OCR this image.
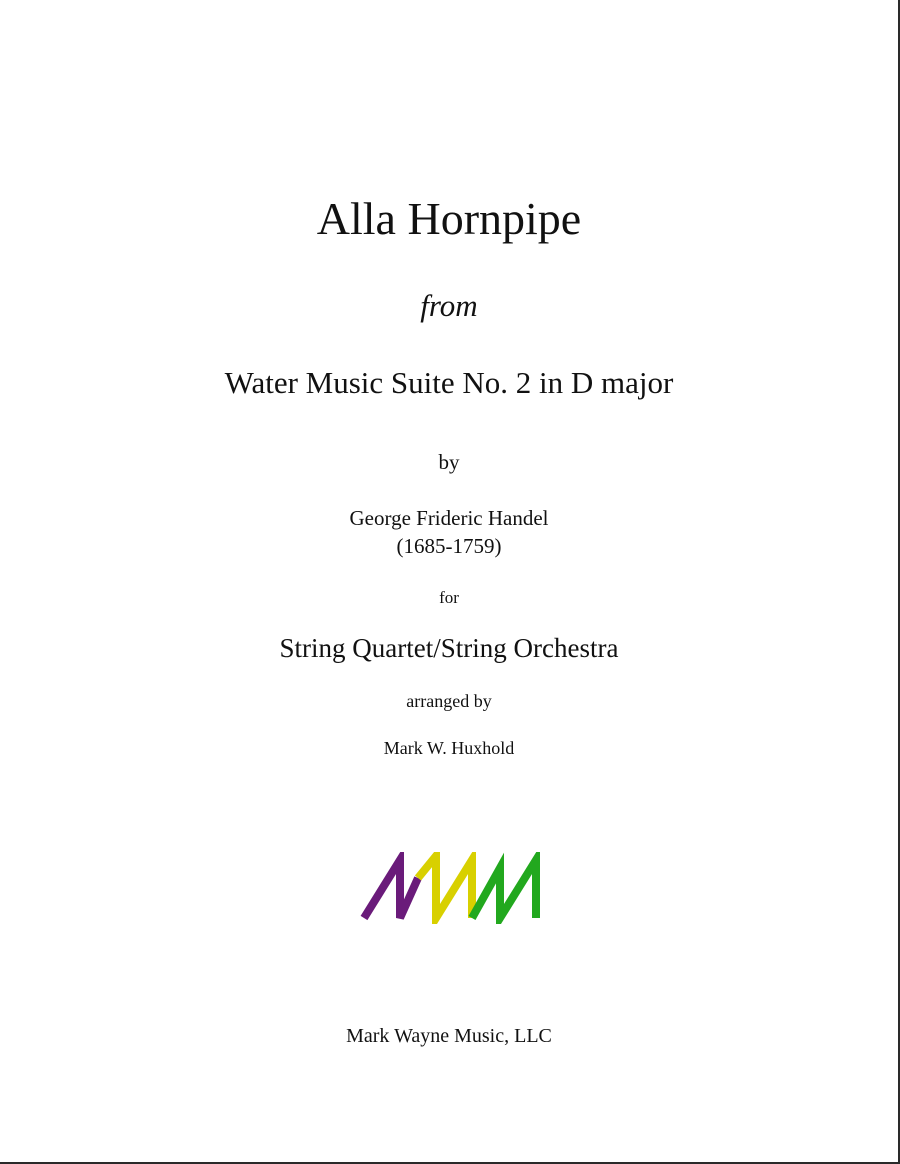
Alla Hornpipe
from
Water Music Suite No. 2 in D major
by
George Frideric Handel
(1685-1759)
for
String Quartet/String Orchestra
arranged by
Mark W. Huxhold
Mark Wayne Music, LLC
